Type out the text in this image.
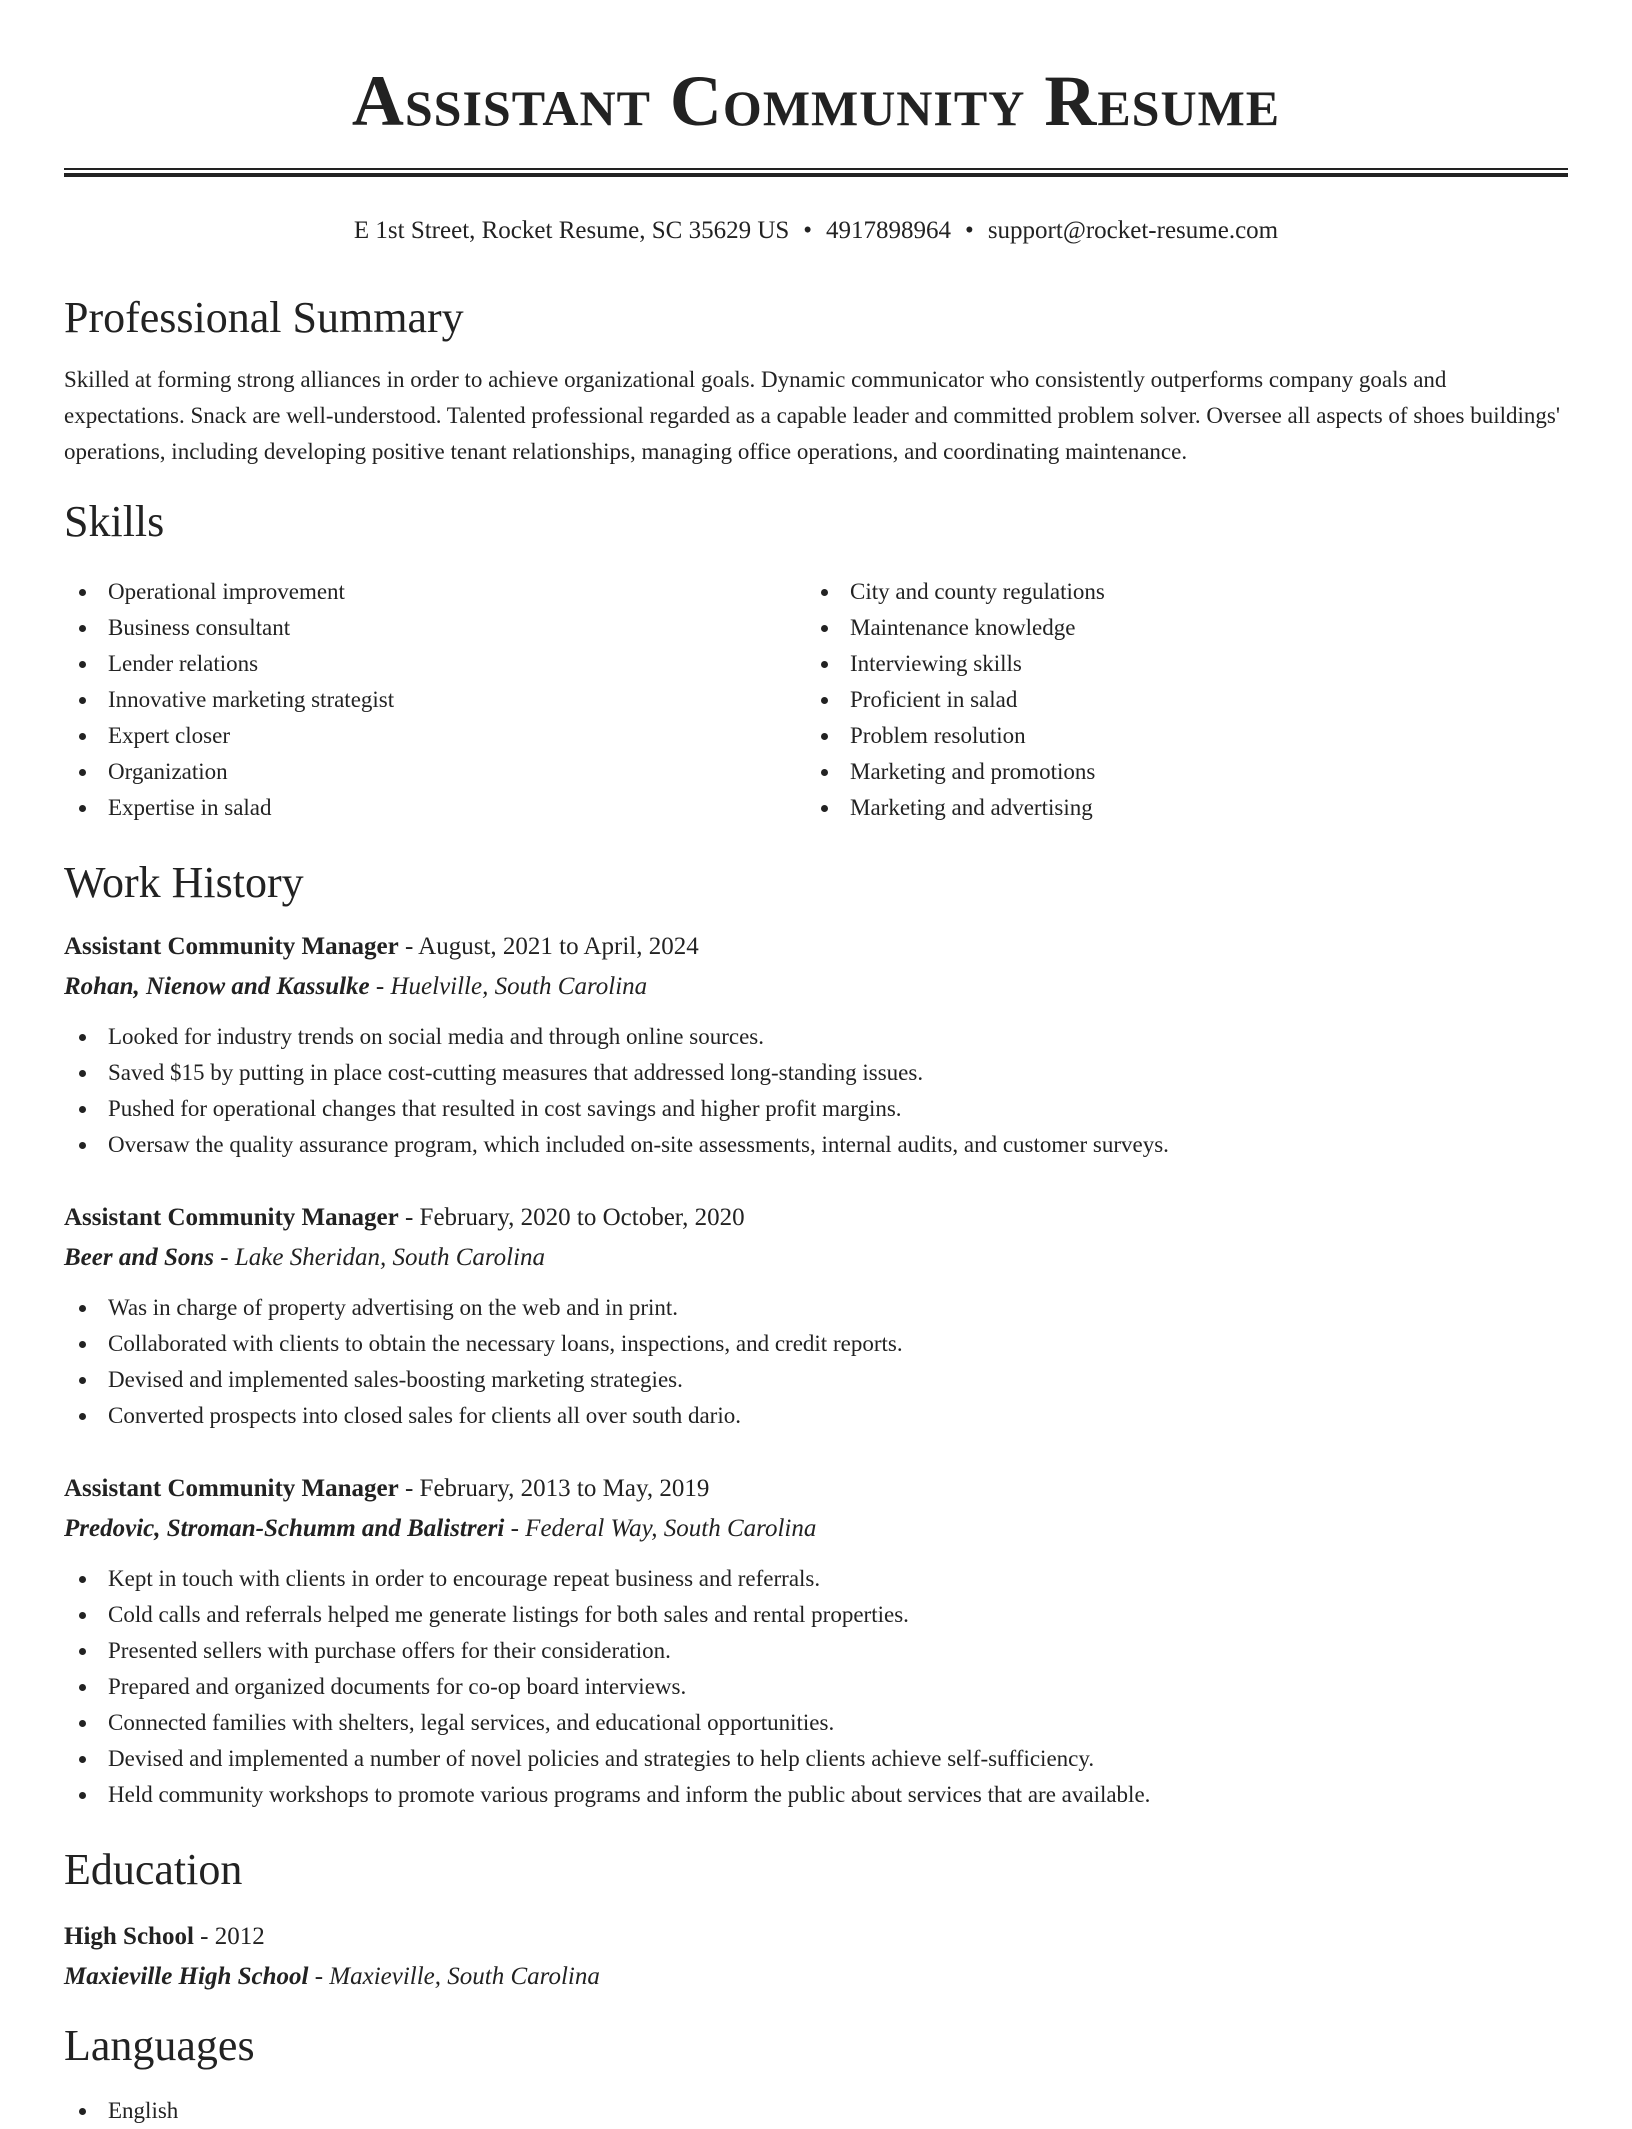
Assistant Community Resume
E 1st Street, Rocket Resume, SC 35629 US • 4917898964 • support@rocket-resume.com
Professional Summary

Skilled at forming strong alliances in order to achieve organizational goals. Dynamic communicator who consistently outperforms company goals and expectations. Snack are well-understood. Talented professional regarded as a capable leader and committed problem solver. Oversee all aspects of shoes buildings' operations, including developing positive tenant relationships, managing office operations, and coordinating maintenance.

Skills
Operational improvement
Business consultant
Lender relations
Innovative marketing strategist
Expert closer
Organization
Expertise in salad
City and county regulations
Maintenance knowledge
Interviewing skills
Proficient in salad
Problem resolution
Marketing and promotions
Marketing and advertising
Work History
Assistant Community Manager - August, 2021 to April, 2024
Rohan, Nienow and Kassulke - Huelville, South Carolina
Looked for industry trends on social media and through online sources.
Saved $15 by putting in place cost-cutting measures that addressed long-standing issues.
Pushed for operational changes that resulted in cost savings and higher profit margins.
Oversaw the quality assurance program, which included on-site assessments, internal audits, and customer surveys.
Assistant Community Manager - February, 2020 to October, 2020
Beer and Sons - Lake Sheridan, South Carolina
Was in charge of property advertising on the web and in print.
Collaborated with clients to obtain the necessary loans, inspections, and credit reports.
Devised and implemented sales-boosting marketing strategies.
Converted prospects into closed sales for clients all over south dario.
Assistant Community Manager - February, 2013 to May, 2019
Predovic, Stroman-Schumm and Balistreri - Federal Way, South Carolina
Kept in touch with clients in order to encourage repeat business and referrals.
Cold calls and referrals helped me generate listings for both sales and rental properties.
Presented sellers with purchase offers for their consideration.
Prepared and organized documents for co-op board interviews.
Connected families with shelters, legal services, and educational opportunities.
Devised and implemented a number of novel policies and strategies to help clients achieve self-sufficiency.
Held community workshops to promote various programs and inform the public about services that are available.
Education
High School - 2012
Maxieville High School - Maxieville, South Carolina
Languages
English
